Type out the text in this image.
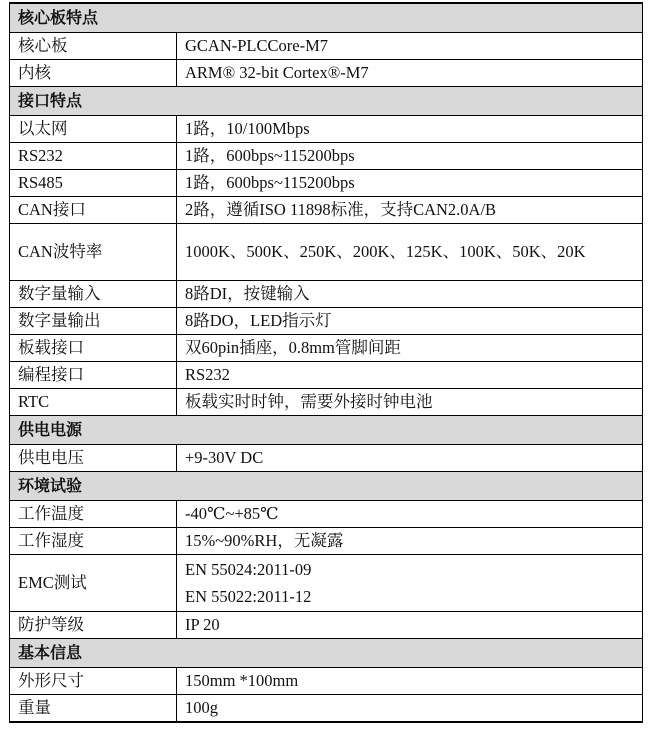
核心板特点	
核心板	GCAN-PLCCore-M7
内核	ARM® 32-bit Cortex®-M7
接口特点	
以太网	1路，10/100Mbps
RS232	1路，600bps~115200bps
RS485	1路，600bps~115200bps
CAN接口	2路，遵循ISO 11898标准，支持CAN2.0A/B
CAN波特率	1000K、500K、250K、200K、125K、100K、50K、20K
数字量输入	8路DI，按键输入
数字量输出	8路DO，LED指示灯
板载接口	双60pin插座，0.8mm管脚间距
编程接口	RS232
RTC	板载实时时钟，需要外接时钟电池
供电电源	
供电电压	+9-30V DC
环境试验	
工作温度	-40℃~+85℃
工作湿度	15%~90%RH，无凝露
EMC测试	EN 55024:2011-09
EN 55022:2011-12

防护等级	IP 20
基本信息	
外形尺寸	150mm *100mm
重量	100g
